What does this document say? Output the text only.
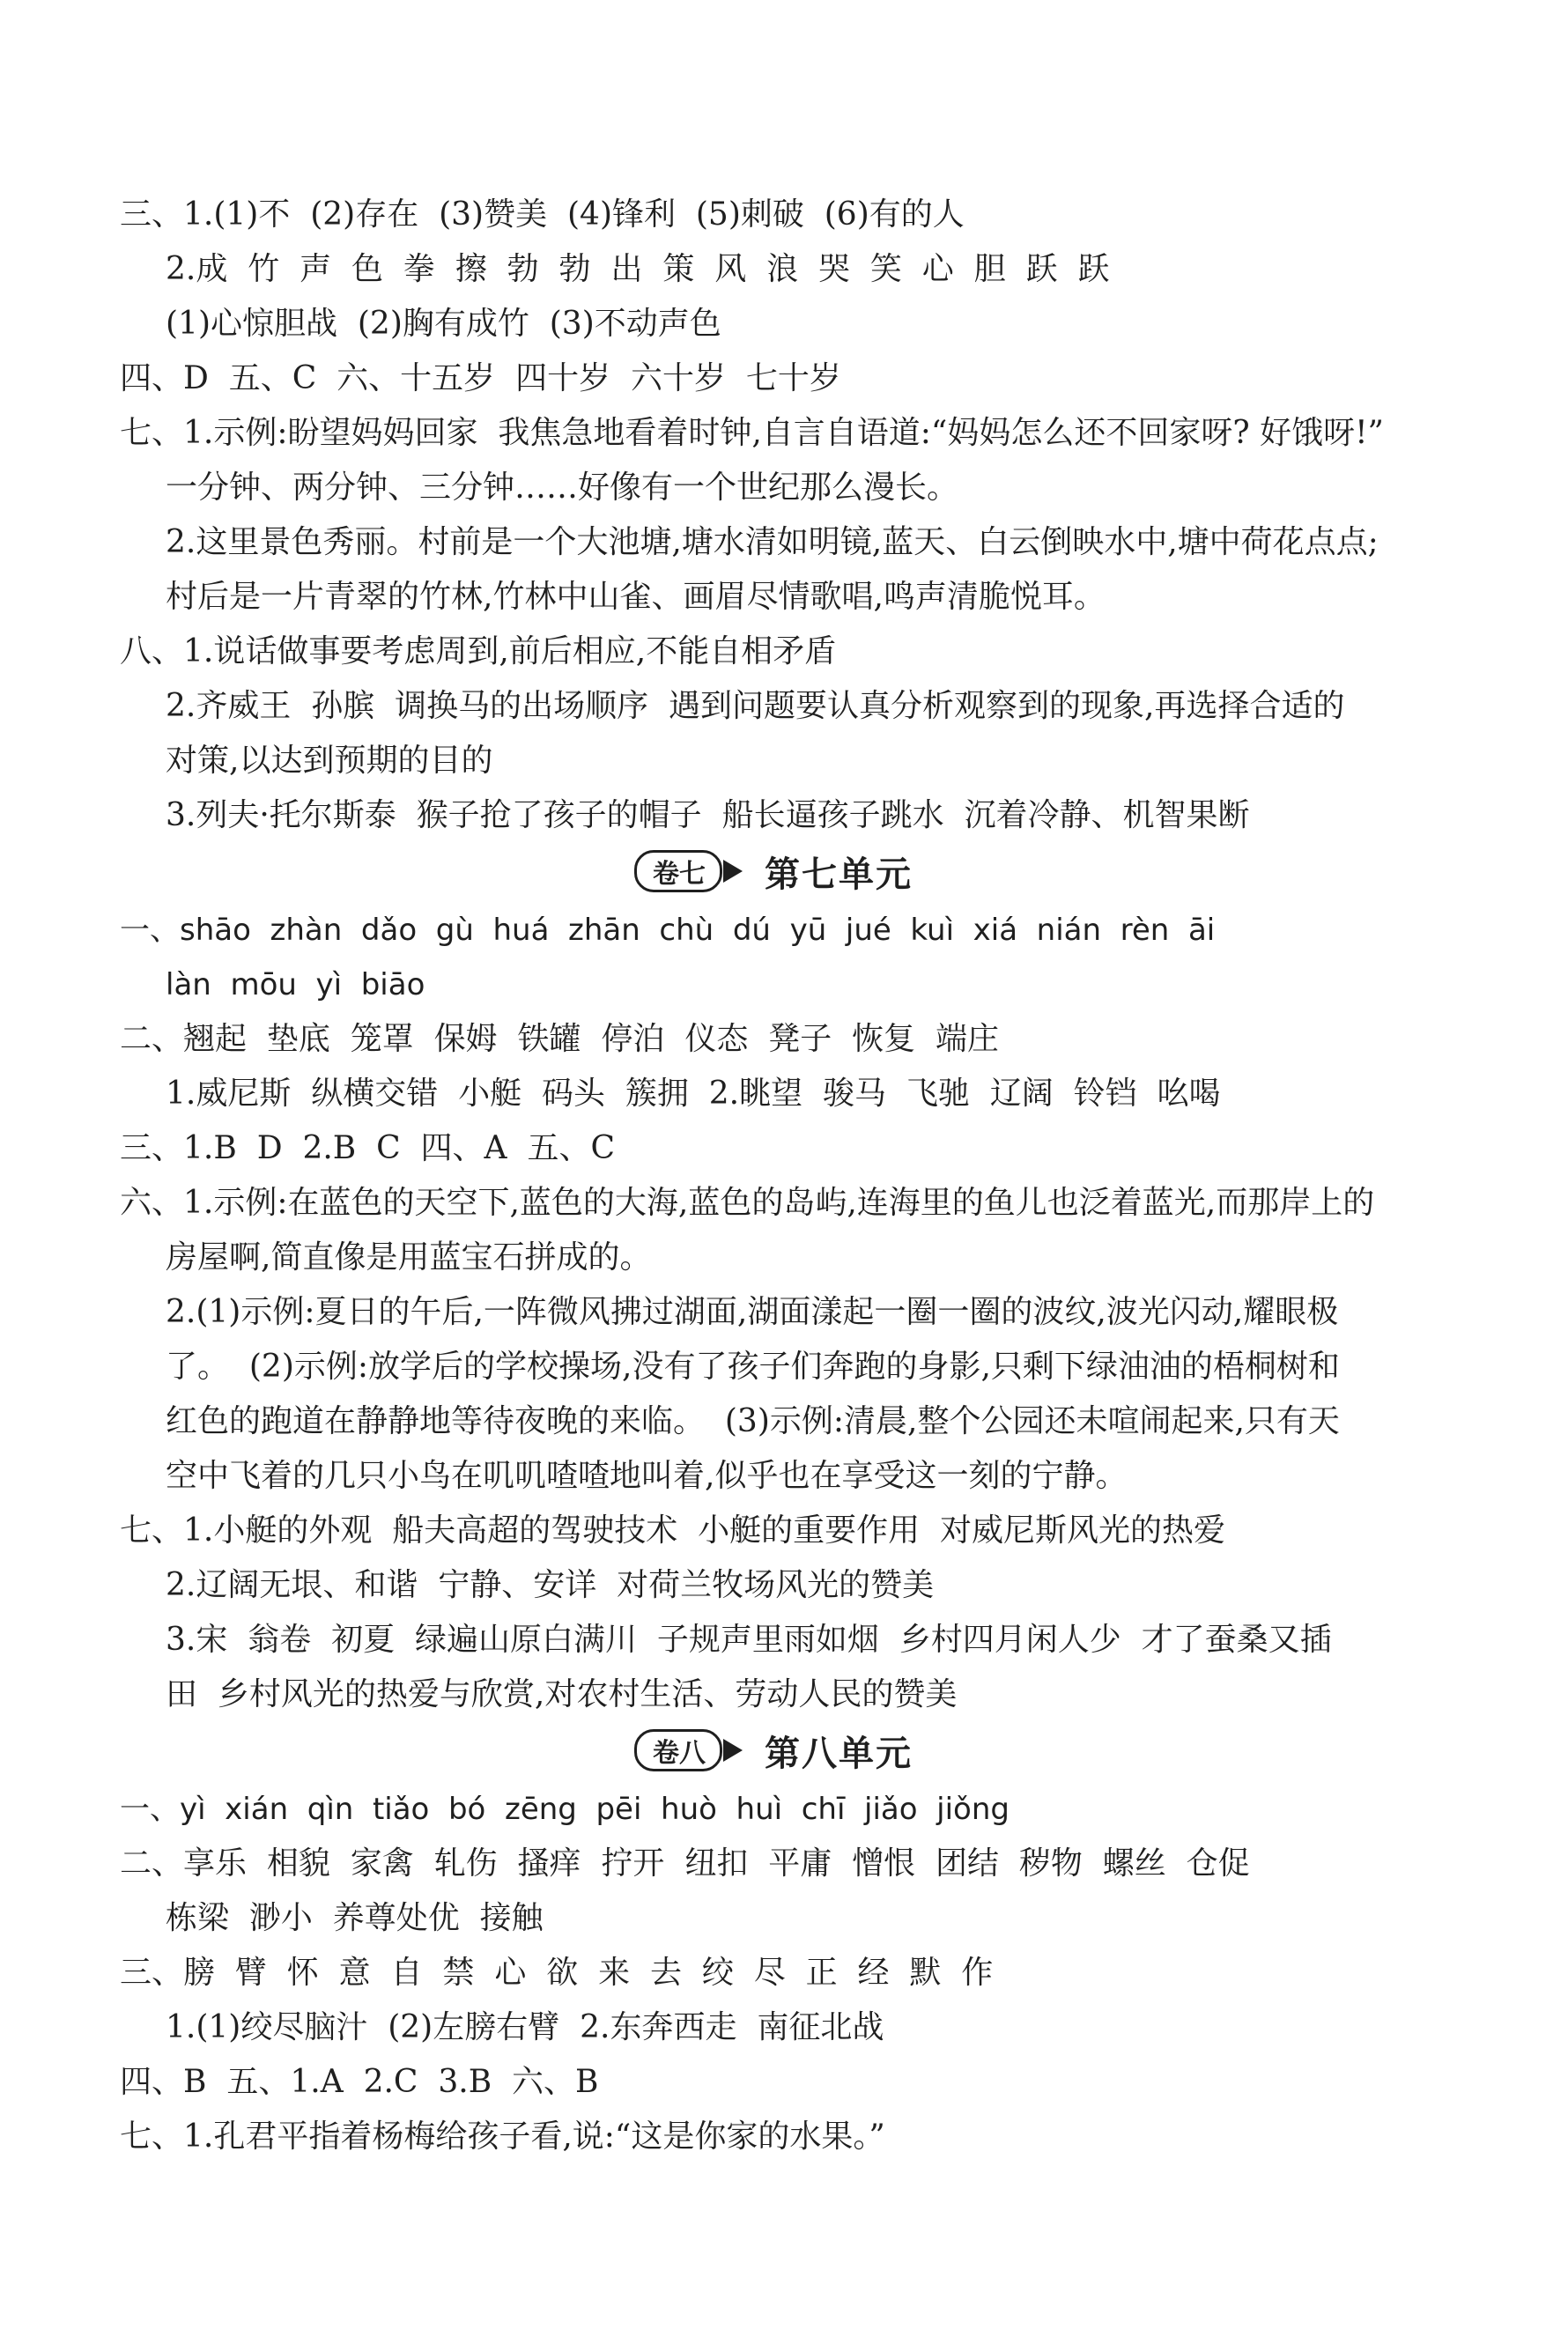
三、1.(1)不  (2)存在  (3)赞美  (4)锋利  (5)刺破  (6)有的人
2.成  竹  声  色  拳  擦  勃  勃  出  策  风  浪  哭  笑  心  胆  跃  跃
(1)心惊胆战  (2)胸有成竹  (3)不动声色
四、D  五、C  六、十五岁  四十岁  六十岁  七十岁
七、1.示例:盼望妈妈回家  我焦急地看着时钟,自言自语道:“妈妈怎么还不回家呀? 好饿呀!”
一分钟、两分钟、三分钟……好像有一个世纪那么漫长。
2.这里景色秀丽。村前是一个大池塘,塘水清如明镜,蓝天、白云倒映水中,塘中荷花点点;
村后是一片青翠的竹林,竹林中山雀、画眉尽情歌唱,鸣声清脆悦耳。
八、1.说话做事要考虑周到,前后相应,不能自相矛盾
2.齐威王  孙膑  调换马的出场顺序  遇到问题要认真分析观察到的现象,再选择合适的
对策,以达到预期的目的
3.列夫·托尔斯泰  猴子抢了孩子的帽子  船长逼孩子跳水  沉着冷静、机智果断
卷七 第七单元
一、shāo  zhàn  dǎo  gù  huá  zhān  chù  dú  yū  jué  kuì  xiá  nián  rèn  āi
làn  mōu  yì  biāo
二、翘起  垫底  笼罩  保姆  铁罐  停泊  仪态  凳子  恢复  端庄
1.威尼斯  纵横交错  小艇  码头  簇拥  2.眺望  骏马  飞驰  辽阔  铃铛  吆喝
三、1.B  D  2.B  C  四、A  五、C
六、1.示例:在蓝色的天空下,蓝色的大海,蓝色的岛屿,连海里的鱼儿也泛着蓝光,而那岸上的
房屋啊,简直像是用蓝宝石拼成的。
2.(1)示例:夏日的午后,一阵微风拂过湖面,湖面漾起一圈一圈的波纹,波光闪动,耀眼极
了。  (2)示例:放学后的学校操场,没有了孩子们奔跑的身影,只剩下绿油油的梧桐树和
红色的跑道在静静地等待夜晚的来临。  (3)示例:清晨,整个公园还未喧闹起来,只有天
空中飞着的几只小鸟在叽叽喳喳地叫着,似乎也在享受这一刻的宁静。
七、1.小艇的外观  船夫高超的驾驶技术  小艇的重要作用  对威尼斯风光的热爱
2.辽阔无垠、和谐  宁静、安详  对荷兰牧场风光的赞美
3.宋  翁卷  初夏  绿遍山原白满川  子规声里雨如烟  乡村四月闲人少  才了蚕桑又插
田  乡村风光的热爱与欣赏,对农村生活、劳动人民的赞美
卷八 第八单元
一、yì  xián  qìn  tiǎo  bó  zēng  pēi  huò  huì  chī  jiǎo  jiǒng
二、享乐  相貌  家禽  轧伤  搔痒  拧开  纽扣  平庸  憎恨  团结  秽物  螺丝  仓促
栋梁  渺小  养尊处优  接触
三、膀  臂  怀  意  自  禁  心  欲  来  去  绞  尽  正  经  默  作
1.(1)绞尽脑汁  (2)左膀右臂  2.东奔西走  南征北战
四、B  五、1.A  2.C  3.B  六、B
七、1.孔君平指着杨梅给孩子看,说:“这是你家的水果。”
